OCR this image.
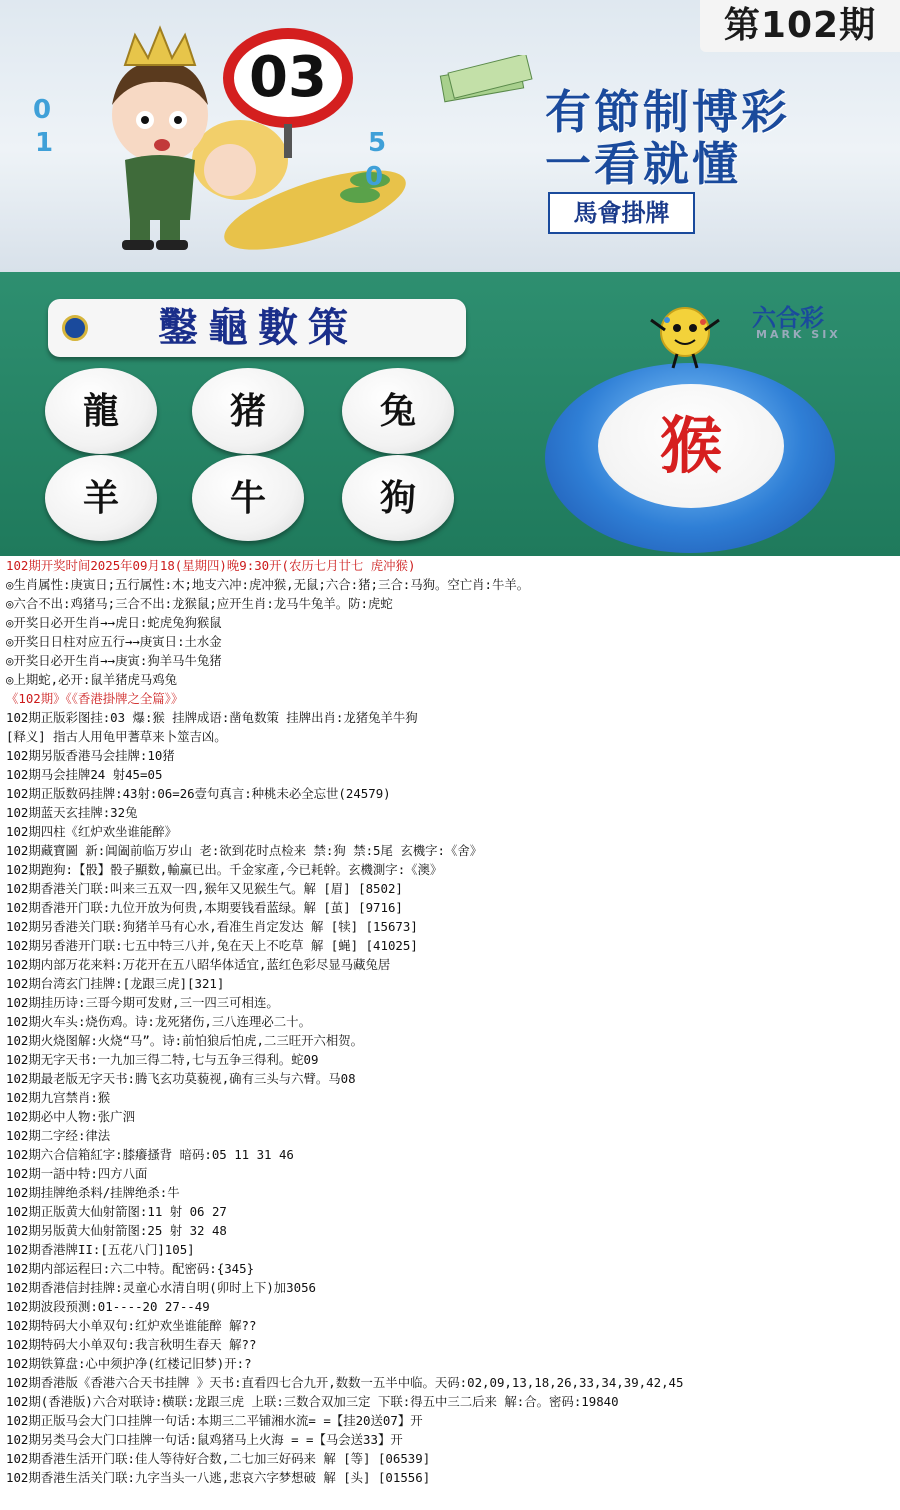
第102期
03
0
1	5
0
有節制博彩
一看就懂
馬會掛牌
鑿龜數策
龍	猪	兔
羊	牛	狗
猴
六合彩
MARK SIX
102期开奖时间2025年09月18(星期四)晚9:30开(农历七月廿七 虎冲猴)
◎生肖属性:庚寅日;五行属性:木;地支六冲:虎冲猴,无鼠;六合:猪;三合:马狗。空亡肖:牛羊。
◎六合不出:鸡猪马;三合不出:龙猴鼠;应开生肖:龙马牛兔羊。防:虎蛇
◎开奖日必开生肖→→虎日:蛇虎兔狗猴鼠
◎开奖日日柱对应五行→→庚寅日:土水金
◎开奖日必开生肖→→庚寅:狗羊马牛兔猪
◎上期蛇,必开:鼠羊猪虎马鸡兔
《102期》《《香港掛牌之全篇》》
102期正版彩图挂:03 爆:猴 挂牌成语:凿龟数策 挂牌出肖:龙猪兔羊牛狗
[释义] 指古人用龟甲蓍草来卜筮吉凶。
102期另版香港马会挂牌:10猪
102期马会挂牌24 射45=05
102期正版数码挂牌:43射:06=26壹句真言:种桃未必全忘世(24579)
102期蓝天玄挂牌:32兔
102期四柱《红炉欢坐谁能醉》
102期藏寶圖 新:阊阖前临万岁山 老:欲到花时点检来 禁:狗 禁:5尾 玄機字:《舍》
102期跑狗:【骰】骰子顯数,輸赢已出。千金家產,今已耗幹。玄機測字:《澳》
102期香港关门联:叫来三五双一四,猴年又见猴生气。解 [眉] [8502]
102期香港开门联:九位开放为何贵,本期要钱看蓝绿。解 [茧] [9716]
102期另香港关门联:狗猪羊马有心水,看准生肖定发达 解 [犊] [15673]
102期另香港开门联:七五中特三八并,兔在天上不吃草 解 [蝇] [41025]
102期内部万花来料:万花开在五八昭华体适宜,蓝红色彩尽显马藏兔居
102期台湾玄门挂牌:[龙跟三虎][321]
102期挂历诗:三哥今期可发财,三一四三可相连。
102期火车头:烧伤鸡。诗:龙死猪伤,三八连理必二十。
102期火烧图解:火烧“马”。诗:前怕狼后怕虎,二三旺开六相贺。
102期无字天书:一九加三得二特,七与五争三得利。蛇09
102期最老版无字天书:腾飞玄功莫藐视,确有三头与六臂。马08
102期九宫禁肖:猴
102期必中人物:张广泗
102期二字经:律法
102期六合信箱紅字:膝癢搔背 暗码:05 11 31 46
102期一語中特:四方八面
102期挂牌绝杀料/挂牌绝杀:牛
102期正版黄大仙射箭图:11 射 06 27
102期另版黄大仙射箭图:25 射 32 48
102期香港牌II:[五花八门]105]
102期内部运程曰:六二中特。配密码:{345}
102期香港信封挂牌:灵童心水清自明(卯时上下)加3056
102期波段预测:01----20 27--49
102期特码大小单双句:红炉欢坐谁能醉 解??
102期特码大小单双句:我言秋明生春天 解??
102期铁算盘:心中须护净(红楼记旧梦)开:?
102期香港版《香港六合天书挂牌 》天书:直看四七合九开,数数一五半中临。天码:02,09,13,18,26,33,34,39,42,45
102期(香港版)六合对联诗:横联:龙跟三虎 上联:三数合双加三定 下联:得五中三二后来 解:合。密码:19840
102期正版马会大门口挂牌一句话:本期三二平铺湘水流= =【挂20送07】开
102期另类马会大门口挂牌一句话:鼠鸡猪马上火海 = =【马会送33】开
102期香港生活开门联:佳人等待好合数,二七加三好码来 解 [等] [06539]
102期香港生活关门联:九字当头一八逃,悲哀六字梦想破 解 [头] [01556]
